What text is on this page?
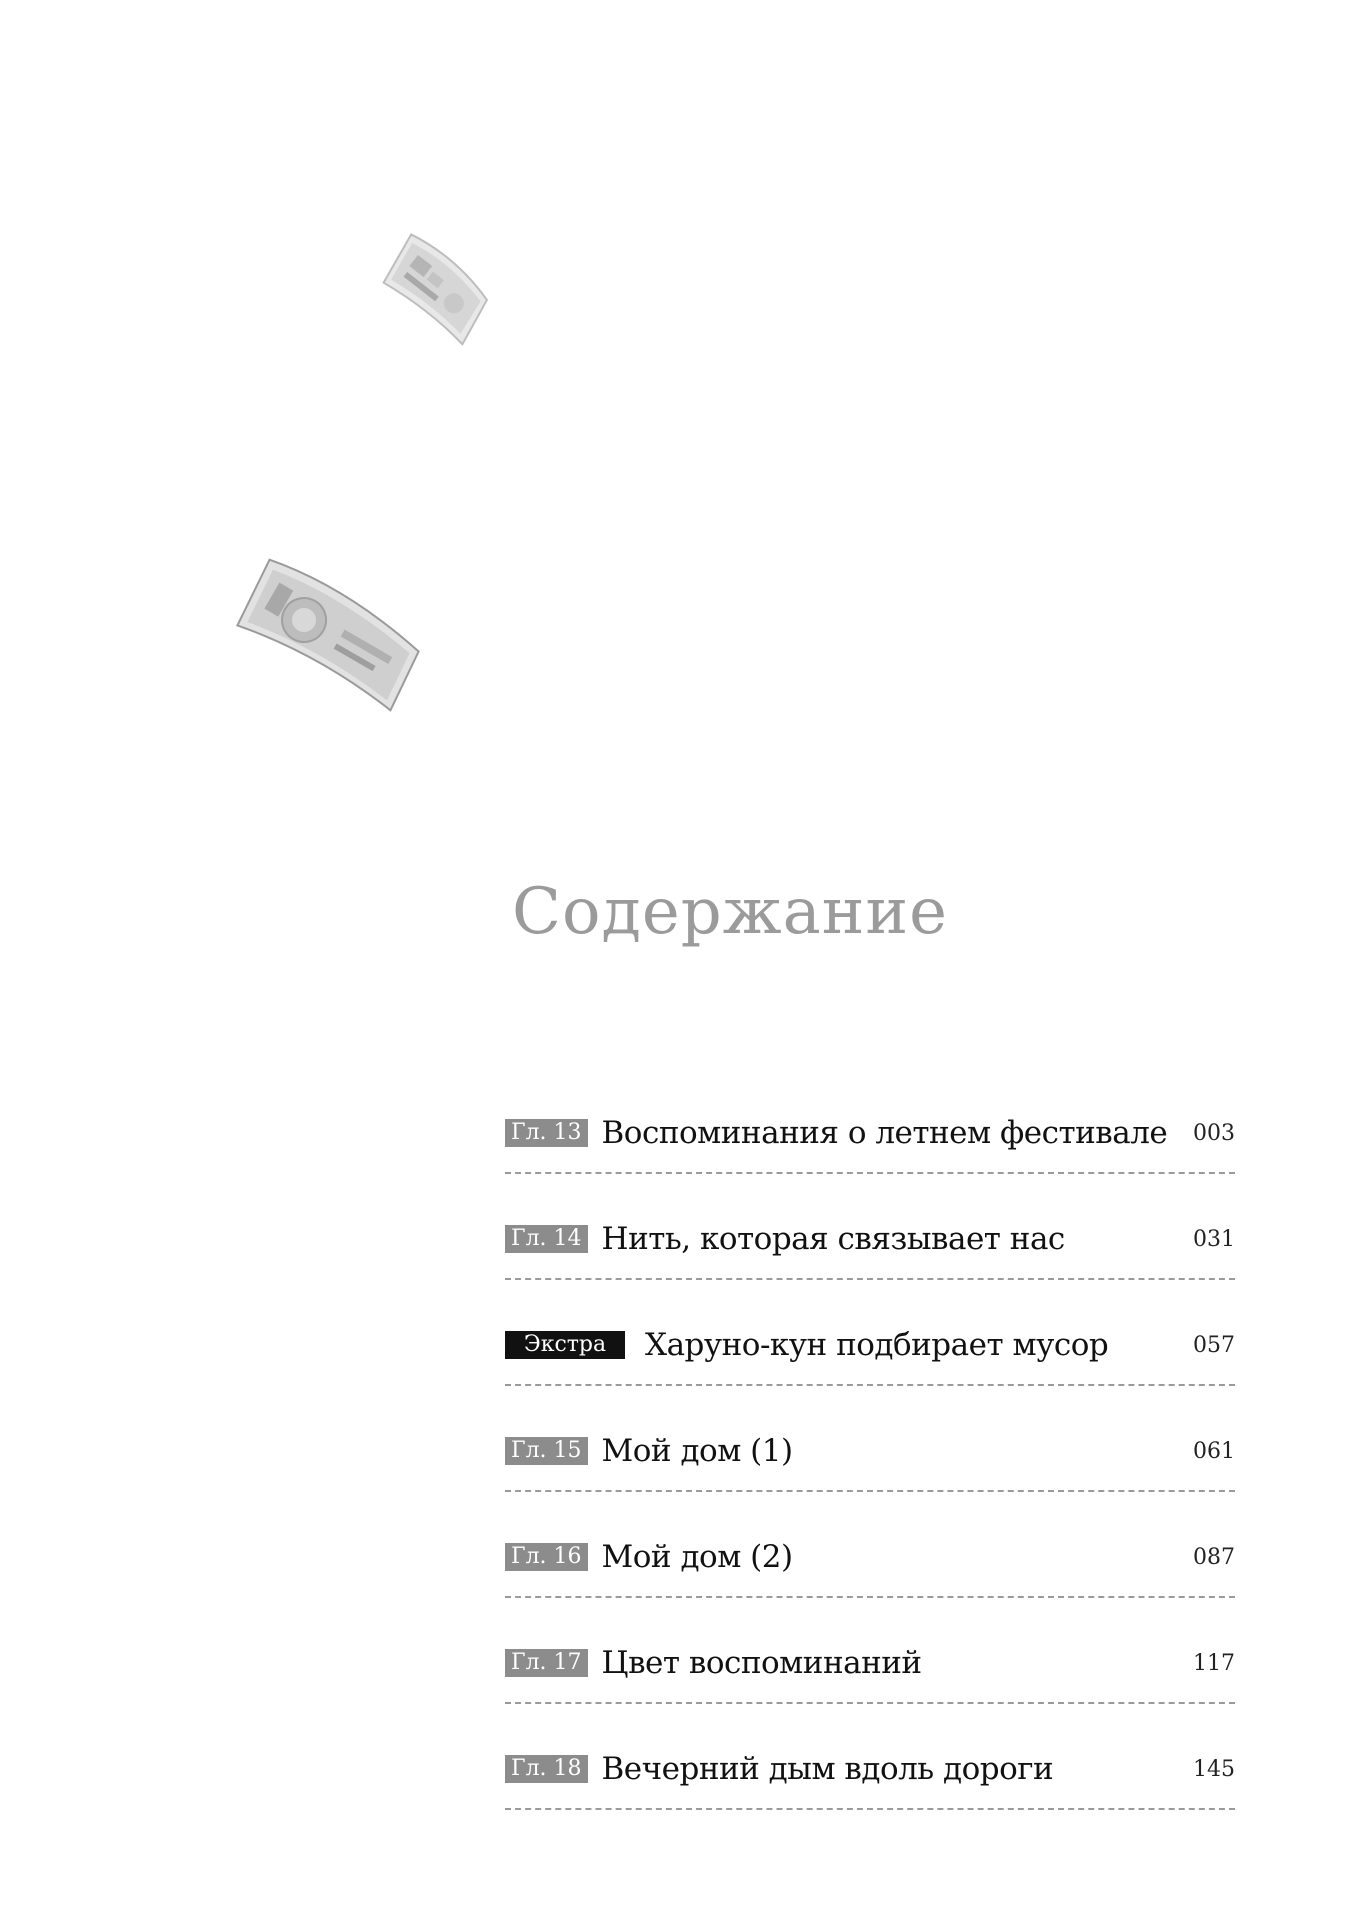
Содержание
Гл. 13 Воспоминания о летнем фестивале	003
Гл. 14 Нить, которая связывает нас	031
Экстра	Харуно-кун подбирает мусор	057
Гл. 15 Мой дом (1)	061
Гл. 16 Мой дом (2)	087
Гл. 17 Цвет воспоминаний	117
Гл. 18 Вечерний дым вдоль дороги	145
